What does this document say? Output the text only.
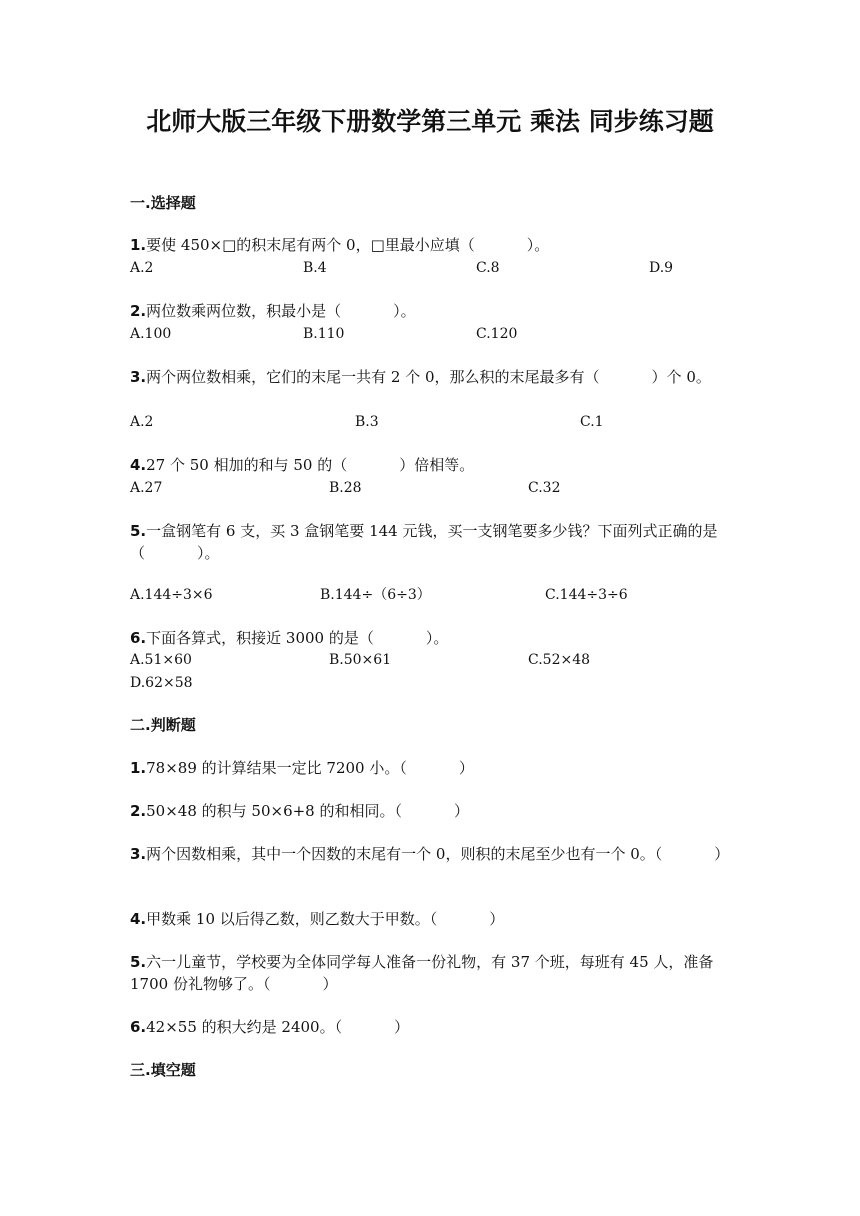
北师大版三年级下册数学第三单元 乘法 同步练习题
一.选择题

1.要使 450×□的积末尾有两个 0，□里最小应填（	）。

A.2	B.4	C.8	D.9

2.两位数乘两位数，积最小是（	）。

A.100	B.110	C.120

3.两个两位数相乘，它们的末尾一共有 2 个 0，那么积的末尾最多有（	）个 0。

A.2	B.3	C.1

4.27 个 50 相加的和与 50 的（	）倍相等。

A.27	B.28	C.32

5.一盒钢笔有 6 支，买 3 盒钢笔要 144 元钱，买一支钢笔要多少钱？下面列式正确的是（	）。

A.144÷3×6	B.144÷（6÷3）	C.144÷3÷6

6.下面各算式，积接近 3000 的是（	）。

A.51×60	B.50×61	C.52×48
D.62×58
二.判断题

1.78×89 的计算结果一定比 7200 小。（	）

2.50×48 的积与 50×6+8 的和相同。（	）

3.两个因数相乘，其中一个因数的末尾有一个 0，则积的末尾至少也有一个 0。（	）

4.甲数乘 10 以后得乙数，则乙数大于甲数。（	）

5.六一儿童节，学校要为全体同学每人准备一份礼物，有 37 个班，每班有 45 人，准备 1700 份礼物够了。（	）

6.42×55 的积大约是 2400。（	）

三.填空题
